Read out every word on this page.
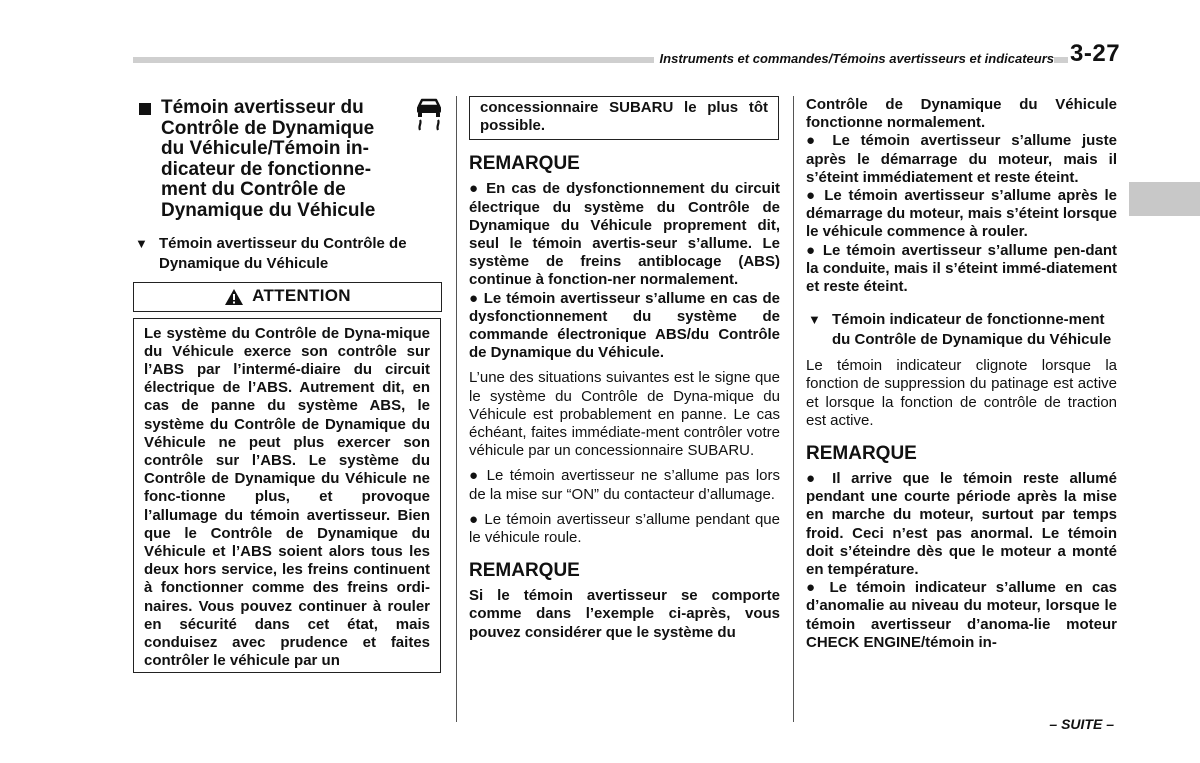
Instruments et commandes/Témoins avertisseurs et indicateurs 3-27
Témoin avertisseur du Contrôle de Dynamique du Véhicule/Témoin in-dicateur de fonctionne-ment du Contrôle de Dynamique du Véhicule
▼ Témoin avertisseur du Contrôle de Dynamique du Véhicule
ATTENTION

Le système du Contrôle de Dyna-mique du Véhicule exerce son contrôle sur l’ABS par l’intermé-diaire du circuit électrique de l’ABS. Autrement dit, en cas de panne du système ABS, le système du Contrôle de Dynamique du Véhicule ne peut plus exercer son contrôle sur l’ABS. Le système du Contrôle de Dynamique du Véhicule ne fonc-tionne plus, et provoque l’allumage du témoin avertisseur. Bien que le Contrôle de Dynamique du Véhicule et l’ABS soient alors tous les deux hors service, les freins continuent à fonctionner comme des freins ordi-naires. Vous pouvez continuer à rouler en sécurité dans cet état, mais conduisez avec prudence et faites contrôler le véhicule par un

concessionnaire SUBARU le plus tôt possible.

REMARQUE

● En cas de dysfonctionnement du circuit électrique du système du Contrôle de Dynamique du Véhicule proprement dit, seul le témoin avertis-seur s’allume. Le système de freins antiblocage (ABS) continue à fonction-ner normalement.

● Le témoin avertisseur s’allume en cas de dysfonctionnement du système de commande électronique ABS/du Contrôle de Dynamique du Véhicule.

L’une des situations suivantes est le signe que le système du Contrôle de Dyna-mique du Véhicule est probablement en panne. Le cas échéant, faites immédiate-ment contrôler votre véhicule par un concessionnaire SUBARU.

● Le témoin avertisseur ne s’allume pas lors de la mise sur “ON” du contacteur d’allumage.

● Le témoin avertisseur s’allume pendant que le véhicule roule.

REMARQUE

Si le témoin avertisseur se comporte comme dans l’exemple ci-après, vous pouvez considérer que le système du

Contrôle de Dynamique du Véhicule fonctionne normalement.

● Le témoin avertisseur s’allume juste après le démarrage du moteur, mais il s’éteint immédiatement et reste éteint.

● Le témoin avertisseur s’allume après le démarrage du moteur, mais s’éteint lorsque le véhicule commence à rouler.

● Le témoin avertisseur s’allume pen-dant la conduite, mais il s’éteint immé-diatement et reste éteint.

▼ Témoin indicateur de fonctionne-ment du Contrôle de Dynamique du Véhicule

Le témoin indicateur clignote lorsque la fonction de suppression du patinage est active et lorsque la fonction de contrôle de traction est active.

REMARQUE

● Il arrive que le témoin reste allumé pendant une courte période après la mise en marche du moteur, surtout par temps froid. Ceci n’est pas anormal. Le témoin doit s’éteindre dès que le moteur a monté en température.

● Le témoin indicateur s’allume en cas d’anomalie au niveau du moteur, lorsque le témoin avertisseur d’anoma-lie moteur CHECK ENGINE/témoin in-

– SUITE –
